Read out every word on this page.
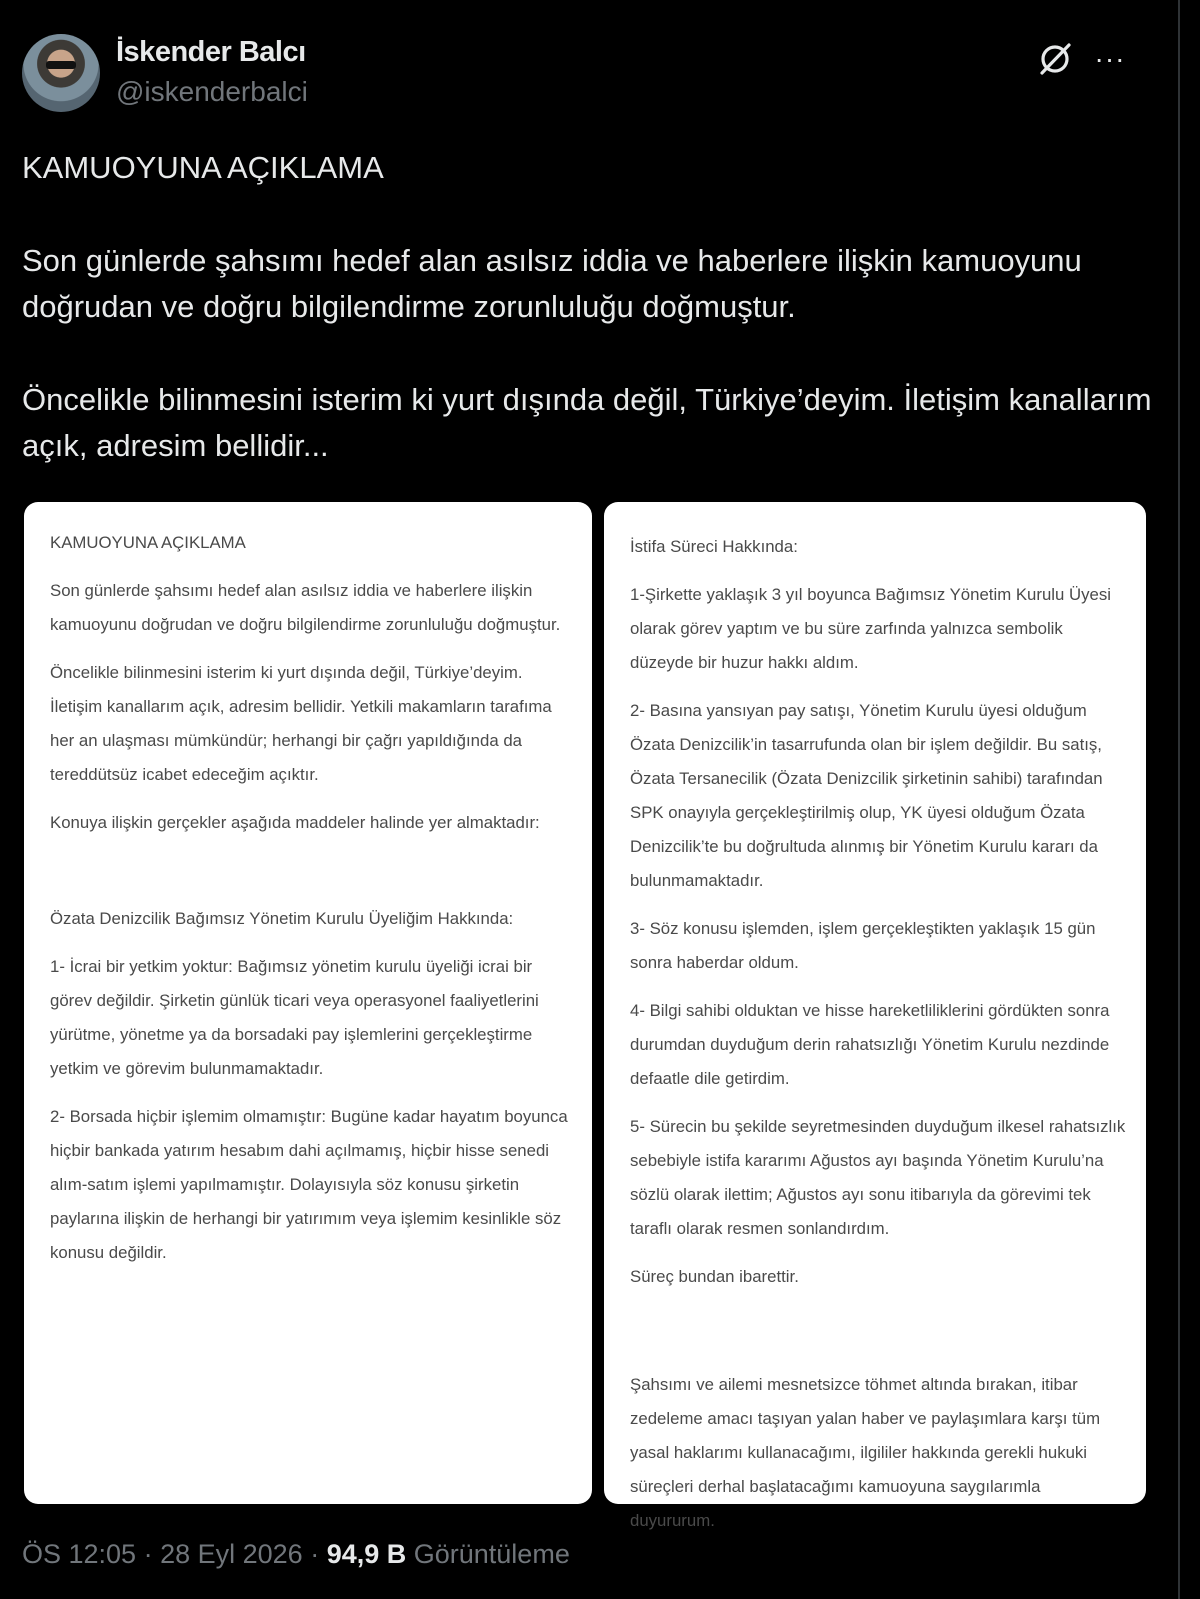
İskender Balcı
@iskenderbalci
···

KAMUOYUNA AÇIKLAMA

Son günlerde şahsımı hedef alan asılsız iddia ve haberlere ilişkin kamuoyunu doğrudan ve doğru bilgilendirme zorunluluğu doğmuştur.

Öncelikle bilinmesini isterim ki yurt dışında değil, Türkiye’deyim. İletişim kanallarım açık, adresim bellidir...

KAMUOYUNA AÇIKLAMA

Son günlerde şahsımı hedef alan asılsız iddia ve haberlere ilişkin kamuoyunu doğrudan ve doğru bilgilendirme zorunluluğu doğmuştur.

Öncelikle bilinmesini isterim ki yurt dışında değil, Türkiye’deyim. İletişim kanallarım açık, adresim bellidir. Yetkili makamların tarafıma her an ulaşması mümkündür; herhangi bir çağrı yapıldığında da tereddütsüz icabet edeceğim açıktır.

Konuya ilişkin gerçekler aşağıda maddeler halinde yer almaktadır:

Özata Denizcilik Bağımsız Yönetim Kurulu Üyeliğim Hakkında:

1- İcrai bir yetkim yoktur: Bağımsız yönetim kurulu üyeliği icrai bir görev değildir. Şirketin günlük ticari veya operasyonel faaliyetlerini yürütme, yönetme ya da borsadaki pay işlemlerini gerçekleştirme yetkim ve görevim bulunmamaktadır.

2- Borsada hiçbir işlemim olmamıştır: Bugüne kadar hayatım boyunca hiçbir bankada yatırım hesabım dahi açılmamış, hiçbir hisse senedi alım-satım işlemi yapılmamıştır. Dolayısıyla söz konusu şirketin paylarına ilişkin de herhangi bir yatırımım veya işlemim kesinlikle söz konusu değildir.

İstifa Süreci Hakkında:

1-Şirkette yaklaşık 3 yıl boyunca Bağımsız Yönetim Kurulu Üyesi olarak görev yaptım ve bu süre zarfında yalnızca sembolik düzeyde bir huzur hakkı aldım.

2- Basına yansıyan pay satışı, Yönetim Kurulu üyesi olduğum Özata Denizcilik’in tasarrufunda olan bir işlem değildir. Bu satış, Özata Tersanecilik (Özata Denizcilik şirketinin sahibi) tarafından SPK onayıyla gerçekleştirilmiş olup, YK üyesi olduğum Özata Denizcilik’te bu doğrultuda alınmış bir Yönetim Kurulu kararı da bulunmamaktadır.

3- Söz konusu işlemden, işlem gerçekleştikten yaklaşık 15 gün sonra haberdar oldum.

4- Bilgi sahibi olduktan ve hisse hareketliliklerini gördükten sonra durumdan duyduğum derin rahatsızlığı Yönetim Kurulu nezdinde defaatle dile getirdim.

5- Sürecin bu şekilde seyretmesinden duyduğum ilkesel rahatsızlık sebebiyle istifa kararımı Ağustos ayı başında Yönetim Kurulu’na sözlü olarak ilettim; Ağustos ayı sonu itibarıyla da görevimi tek taraflı olarak resmen sonlandırdım.

Süreç bundan ibarettir.

Şahsımı ve ailemi mesnetsizce töhmet altında bırakan, itibar zedeleme amacı taşıyan yalan haber ve paylaşımlara karşı tüm yasal haklarımı kullanacağımı, ilgililer hakkında gerekli hukuki süreçleri derhal başlatacağımı kamuoyuna saygılarımla duyururum.

ÖS 12:05 · 28 Eyl 2026 · 94,9 B Görüntüleme
